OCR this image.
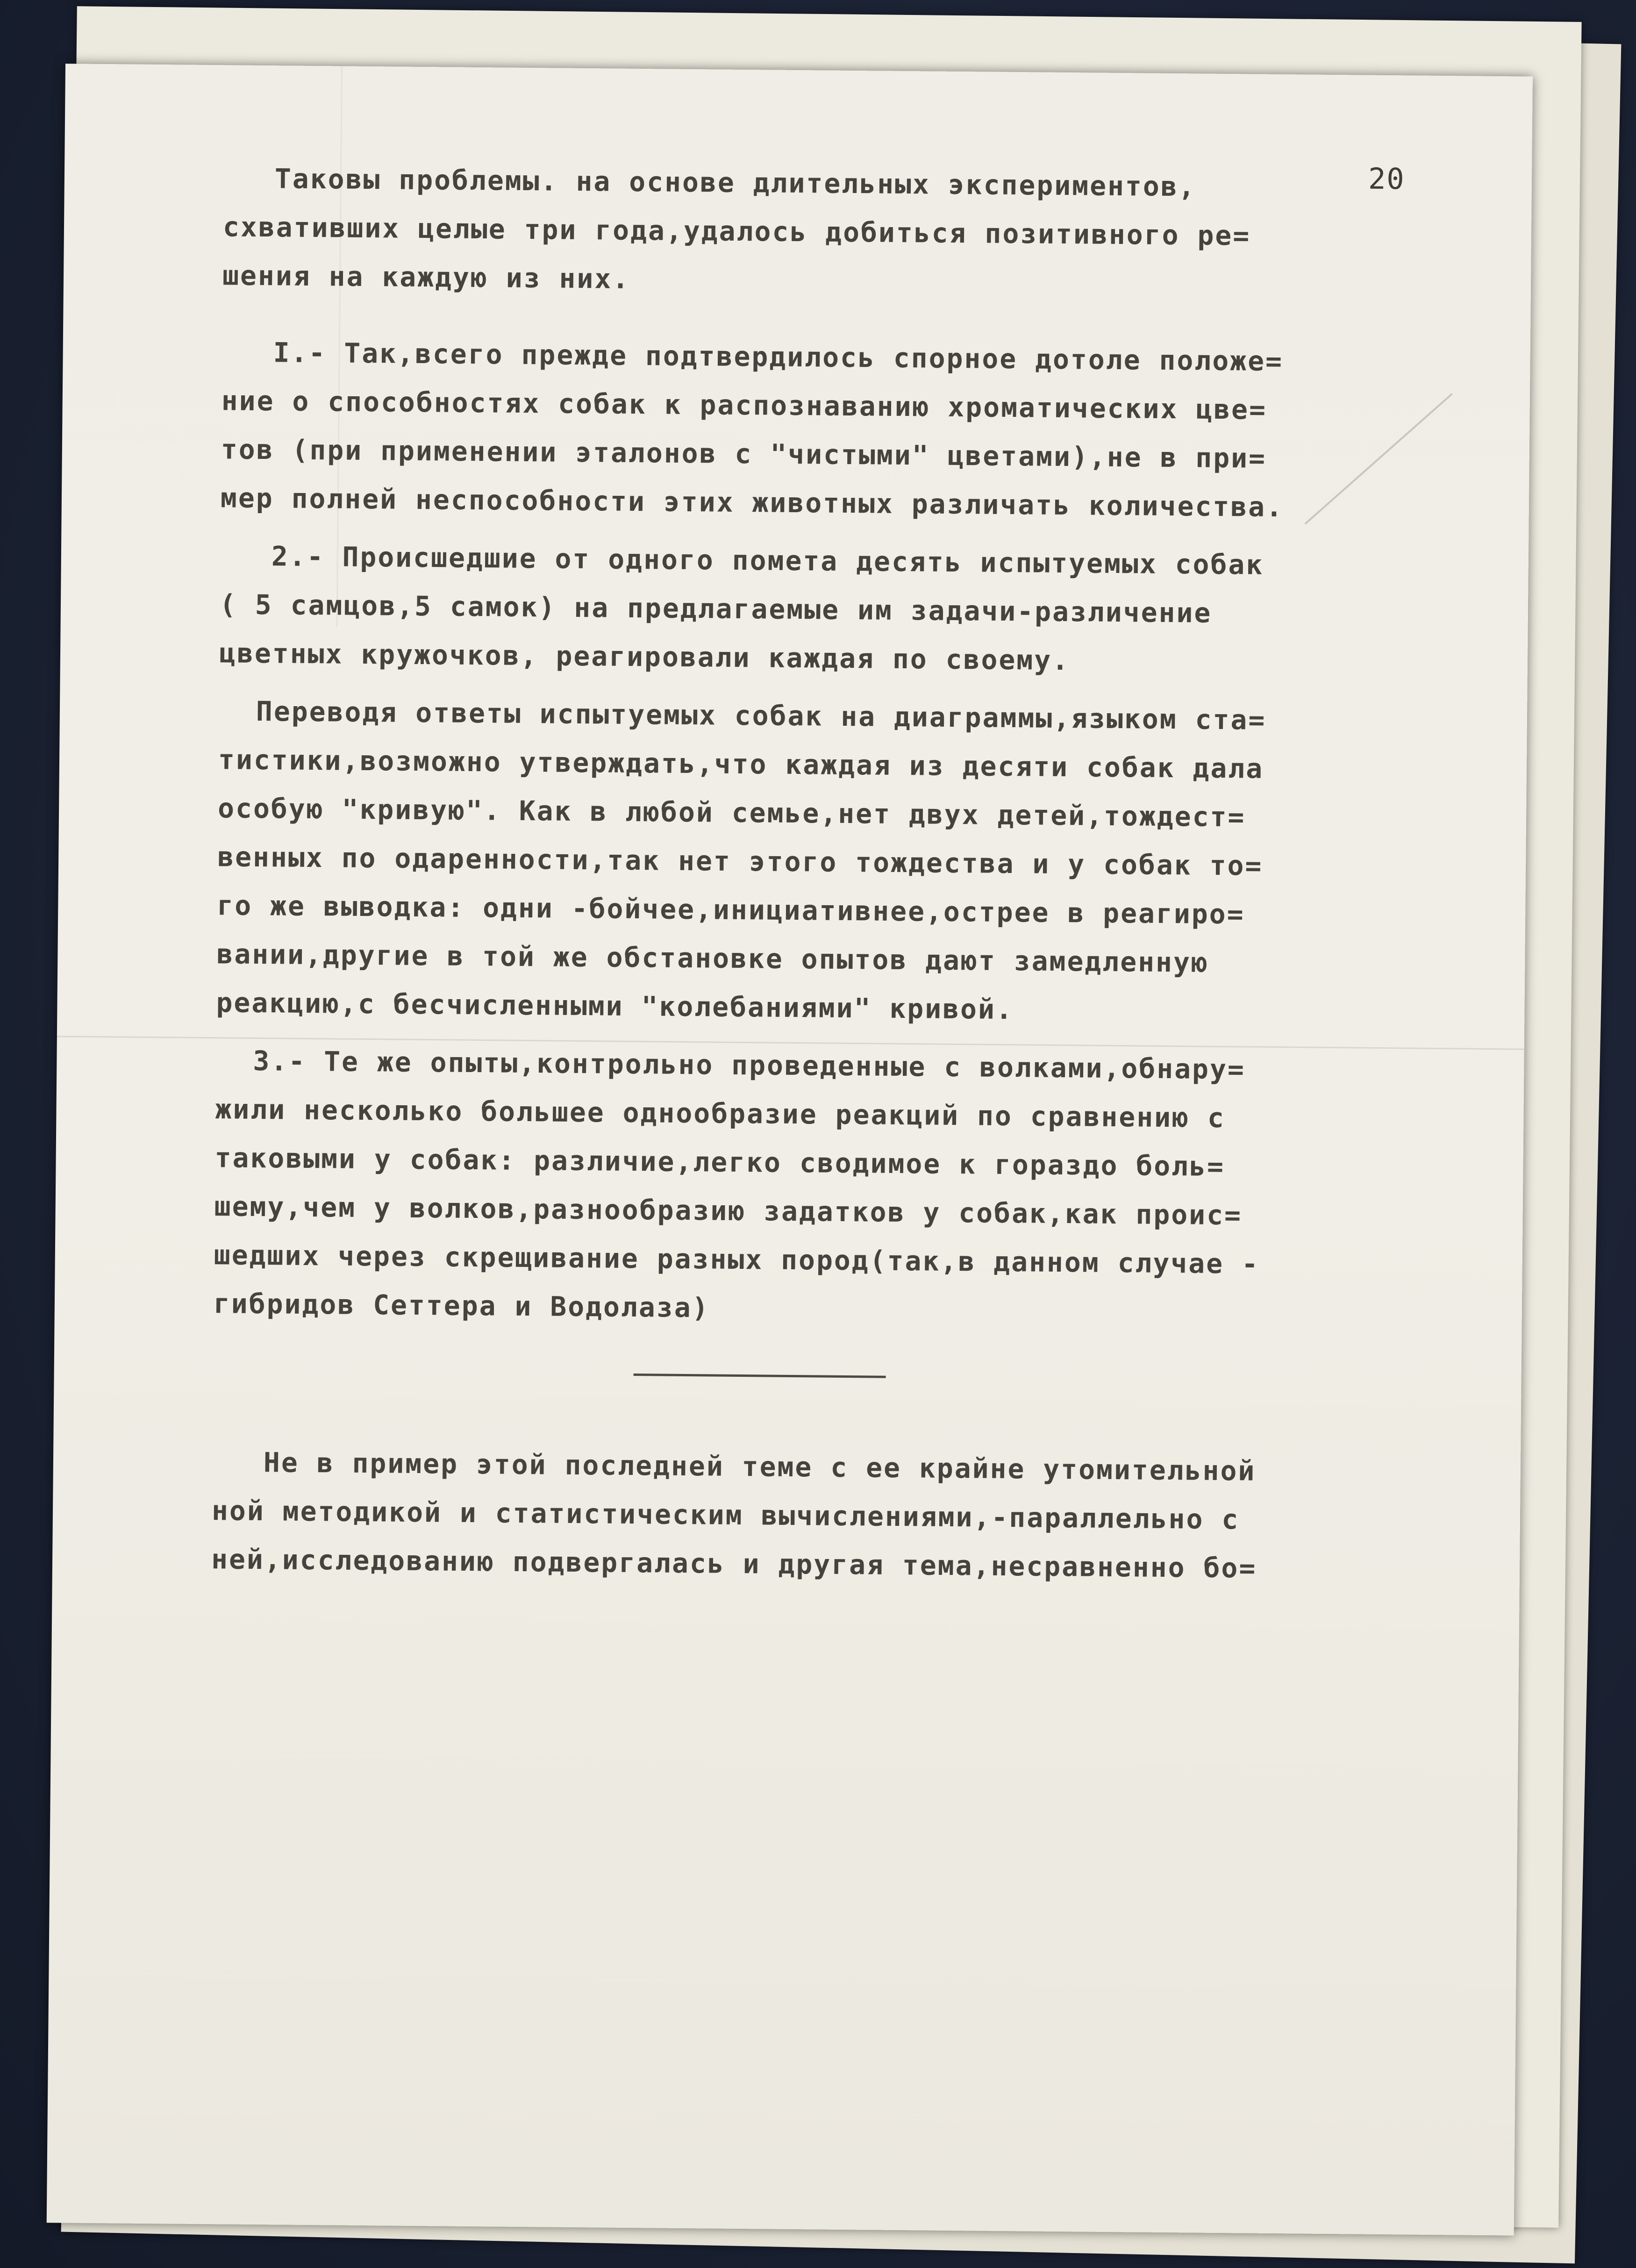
20
Таковы проблемы. на основе длительных экспериментов,
схвативших целые три года,удалось добиться позитивного ре=
шения на каждую из них.
I.- Так,всего прежде подтвердилось спорное дотоле положе=
ние о способностях собак к распознаванию хроматических цве=
тов (при применении эталонов с "чистыми" цветами),не в при=
мер полней неспособности этих животных различать количества.
2.- Происшедшие от одного помета десять испытуемых собак
( 5 самцов,5 самок) на предлагаемые им задачи-различение
цветных кружочков, реагировали каждая по своему.
Переводя ответы испытуемых собак на диаграммы,языком ста=
тистики,возможно утверждать,что каждая из десяти собак дала
особую "кривую". Как в любой семье,нет двух детей,тождест=
венных по одаренности,так нет этого тождества и у собак то=
го же выводка: одни -бойчее,инициативнее,острее в реагиро=
вании,другие в той же обстановке опытов дают замедленную
реакцию,с бесчисленными "колебаниями" кривой.
3.- Те же опыты,контрольно проведенные с волками,обнару=
жили несколько большее однообразие реакций по сравнению с
таковыми у собак: различие,легко сводимое к гораздо боль=
шему,чем у волков,разнообразию задатков у собак,как проис=
шедших через скрещивание разных пород(так,в данном случае -
гибридов Сеттера и Водолаза)
Не в пример этой последней теме с ее крайне утомительной
ной методикой и статистическим вычислениями,-параллельно с
ней,исследованию подвергалась и другая тема,несравненно бо=
